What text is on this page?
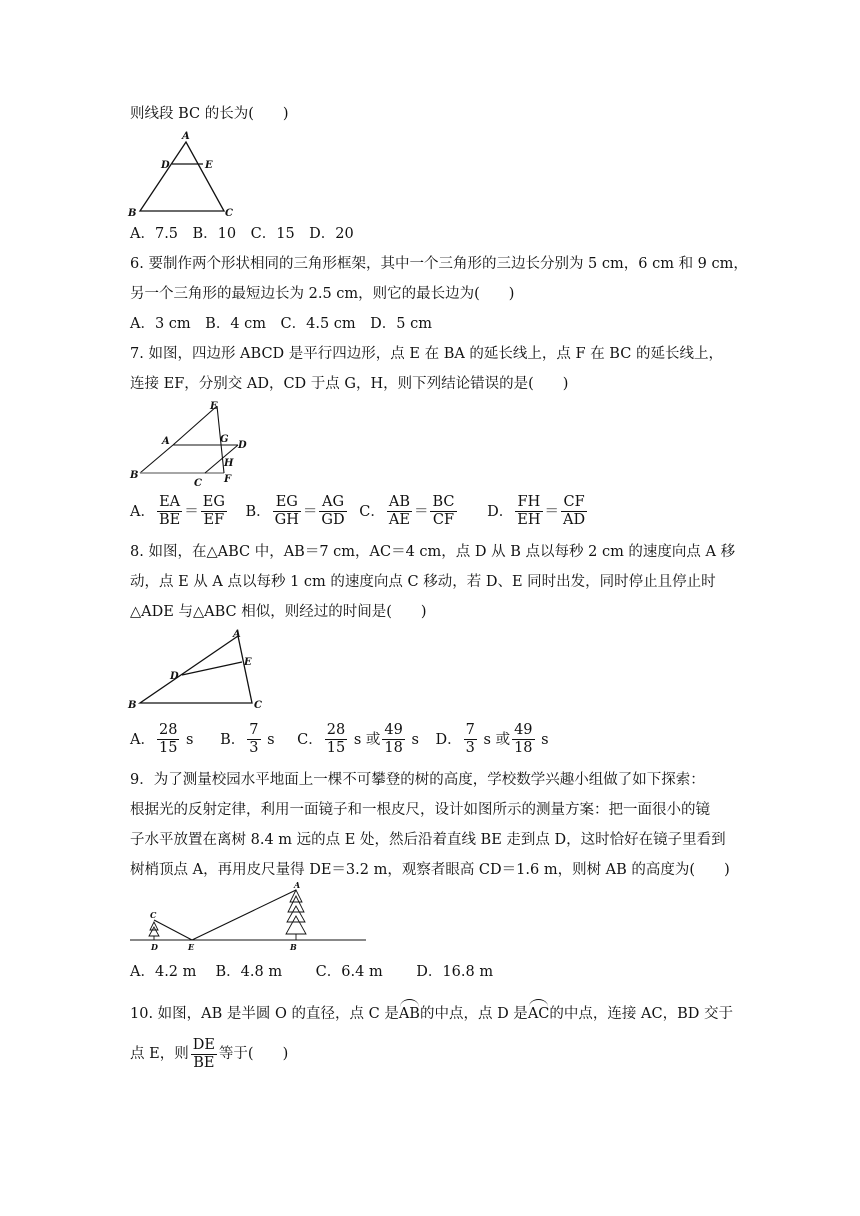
则线段 BC 的长为(　　)
A
D	E
B	C
A．7.5　B．10　C．15　D．20
6. 要制作两个形状相同的三角形框架，其中一个三角形的三边长分别为 5 cm，6 cm 和 9 cm，
另一个三角形的最短边长为 2.5 cm，则它的最长边为(　　)
A．3 cm　B．4 cm　C．4.5 cm　D．5 cm
7. 如图，四边形 ABCD 是平行四边形，点 E 在 BA 的延长线上，点 F 在 BC 的延长线上，
连接 EF，分别交 AD，CD 于点 G，H，则下列结论错误的是(　　)
E
A	G
D
H
B
C F
A． $\frac{EA}{BE} = \frac{EG}{EF}$ B． $\frac{EG}{GH} = \frac{AG}{GD}$ C． $\frac{AB}{AE} = \frac{BC}{CF}$ D． $\frac{FH}{EH} = \frac{CF}{AD}$
8. 如图，在△ABC 中，AB＝7 cm，AC＝4 cm，点 D 从 B 点以每秒 2 cm 的速度向点 A 移
动，点 E 从 A 点以每秒 1 cm 的速度向点 C 移动，若 D、E 同时出发，同时停止且停止时
△ADE 与△ABC 相似，则经过的时间是(　　)
A
E
D
B	C
A． $\frac{28}{15}$ s B． $\frac{7}{3}$ s C． $\frac{28}{15}$ s 或 $\frac{49}{18}$ s D． $\frac{7}{3}$ s 或 $\frac{49}{18}$ s
9．为了测量校园水平地面上一棵不可攀登的树的高度，学校数学兴趣小组做了如下探索：
根据光的反射定律，利用一面镜子和一根皮尺，设计如图所示的测量方案：把一面很小的镜
子水平放置在离树 8.4 m 远的点 E 处，然后沿着直线 BE 走到点 D，这时恰好在镜子里看到
树梢顶点 A，再用皮尺量得 DE＝3.2 m，观察者眼高 CD＝1.6 m，则树 AB 的高度为(　　)
C
D	E
A
B
A．4.2 m　 B．4.8 m　　 C．6.4 m　　 D．16.8 m
10. 如图，AB 是半圆 O 的直径，点 C 是AB的中点，点 D 是AC的中点，连接 AC，BD 交于
点 E，则 $\frac{DE}{BE}$ 等于(　　)
